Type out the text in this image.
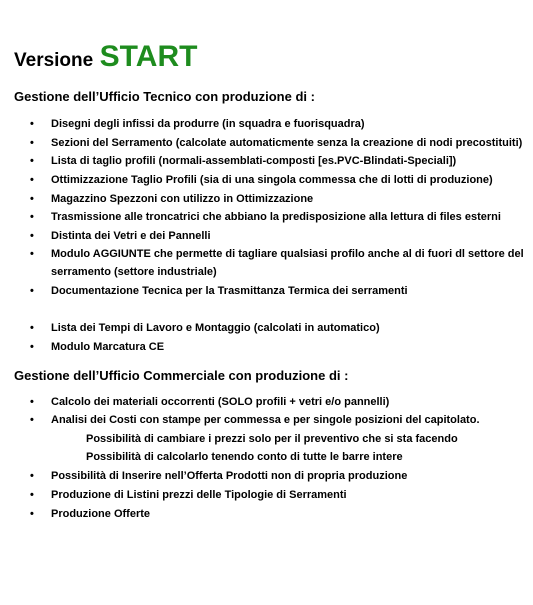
Versione START
Gestione dell’Ufficio Tecnico con produzione di :
• Disegni degli infissi da produrre (in squadra e fuorisquadra)
• Sezioni del Serramento (calcolate automaticmente senza la creazione di nodi precostituiti)
• Lista di taglio profili (normali-assemblati-composti [es.PVC-Blindati-Speciali])
• Ottimizzazione Taglio Profili (sia di una singola commessa che di lotti di produzione)
• Magazzino Spezzoni con utilizzo in Ottimizzazione
• Trasmissione alle troncatrici che abbiano la predisposizione alla lettura di files esterni
• Distinta dei Vetri e dei Pannelli
• Modulo AGGIUNTE che permette di tagliare qualsiasi profilo anche al di fuori dl settore del
serramento (settore industriale)
• Documentazione Tecnica per la Trasmittanza Termica dei serramenti
• Lista dei Tempi di Lavoro e Montaggio (calcolati in automatico)
• Modulo Marcatura CE
Gestione dell’Ufficio Commerciale con produzione di :
• Calcolo dei materiali occorrenti (SOLO profili + vetri e/o pannelli)
• Analisi dei Costi con stampe per commessa e per singole posizioni del capitolato.
Possibilità di cambiare i prezzi solo per il preventivo che si sta facendo
Possibilità di calcolarlo tenendo conto di tutte le barre intere
• Possibilità di Inserire nell’Offerta Prodotti non di propria produzione
• Produzione di Listini prezzi delle Tipologie di Serramenti
• Produzione Offerte
